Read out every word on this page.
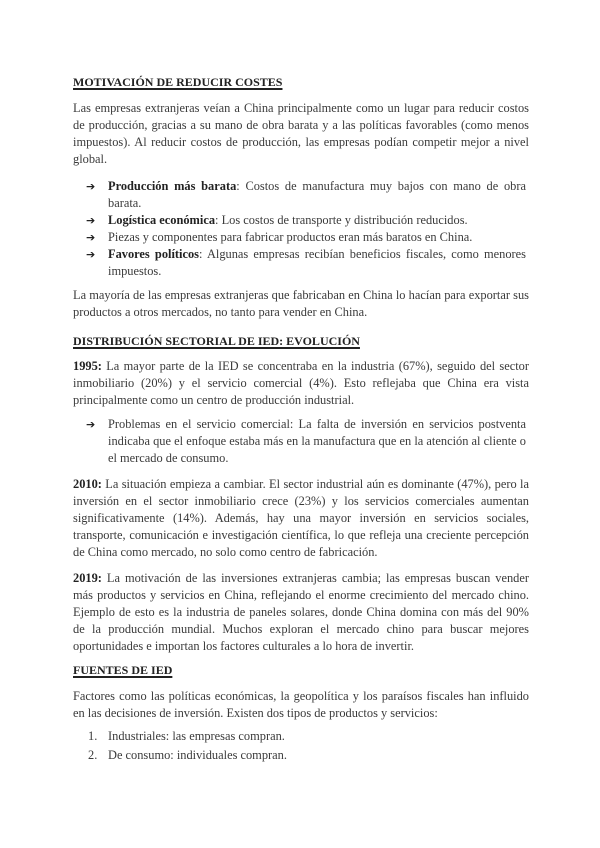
MOTIVACIÓN DE REDUCIR COSTES
Las empresas extranjeras veían a China principalmente como un lugar para reducir costos de producción, gracias a su mano de obra barata y a las políticas favorables (como menos impuestos). Al reducir costos de producción, las empresas podían competir mejor a nivel global.
➔ Producción más barata: Costos de manufactura muy bajos con mano de obra barata.
➔ Logística económica: Los costos de transporte y distribución reducidos.
➔ Piezas y componentes para fabricar productos eran más baratos en China.
➔ Favores políticos: Algunas empresas recibían beneficios fiscales, como menores impuestos.
La mayoría de las empresas extranjeras que fabricaban en China lo hacían para exportar sus productos a otros mercados, no tanto para vender en China.
DISTRIBUCIÓN SECTORIAL DE IED: EVOLUCIÓN
1995: La mayor parte de la IED se concentraba en la industria (67%), seguido del sector inmobiliario (20%) y el servicio comercial (4%). Esto reflejaba que China era vista principalmente como un centro de producción industrial.
➔ Problemas en el servicio comercial: La falta de inversión en servicios postventa indicaba que el enfoque estaba más en la manufactura que en la atención al cliente o el mercado de consumo.
2010: La situación empieza a cambiar. El sector industrial aún es dominante (47%), pero la inversión en el sector inmobiliario crece (23%) y los servicios comerciales aumentan significativamente (14%). Además, hay una mayor inversión en servicios sociales, transporte, comunicación e investigación científica, lo que refleja una creciente percepción de China como mercado, no solo como centro de fabricación.
2019: La motivación de las inversiones extranjeras cambia; las empresas buscan vender más productos y servicios en China, reflejando el enorme crecimiento del mercado chino. Ejemplo de esto es la industria de paneles solares, donde China domina con más del 90% de la producción mundial. Muchos exploran el mercado chino para buscar mejores oportunidades e importan los factores culturales a lo hora de invertir.
FUENTES DE IED
Factores como las políticas económicas, la geopolítica y los paraísos fiscales han influido en las decisiones de inversión. Existen dos tipos de productos y servicios:
1. Industriales: las empresas compran.
2. De consumo: individuales compran.
